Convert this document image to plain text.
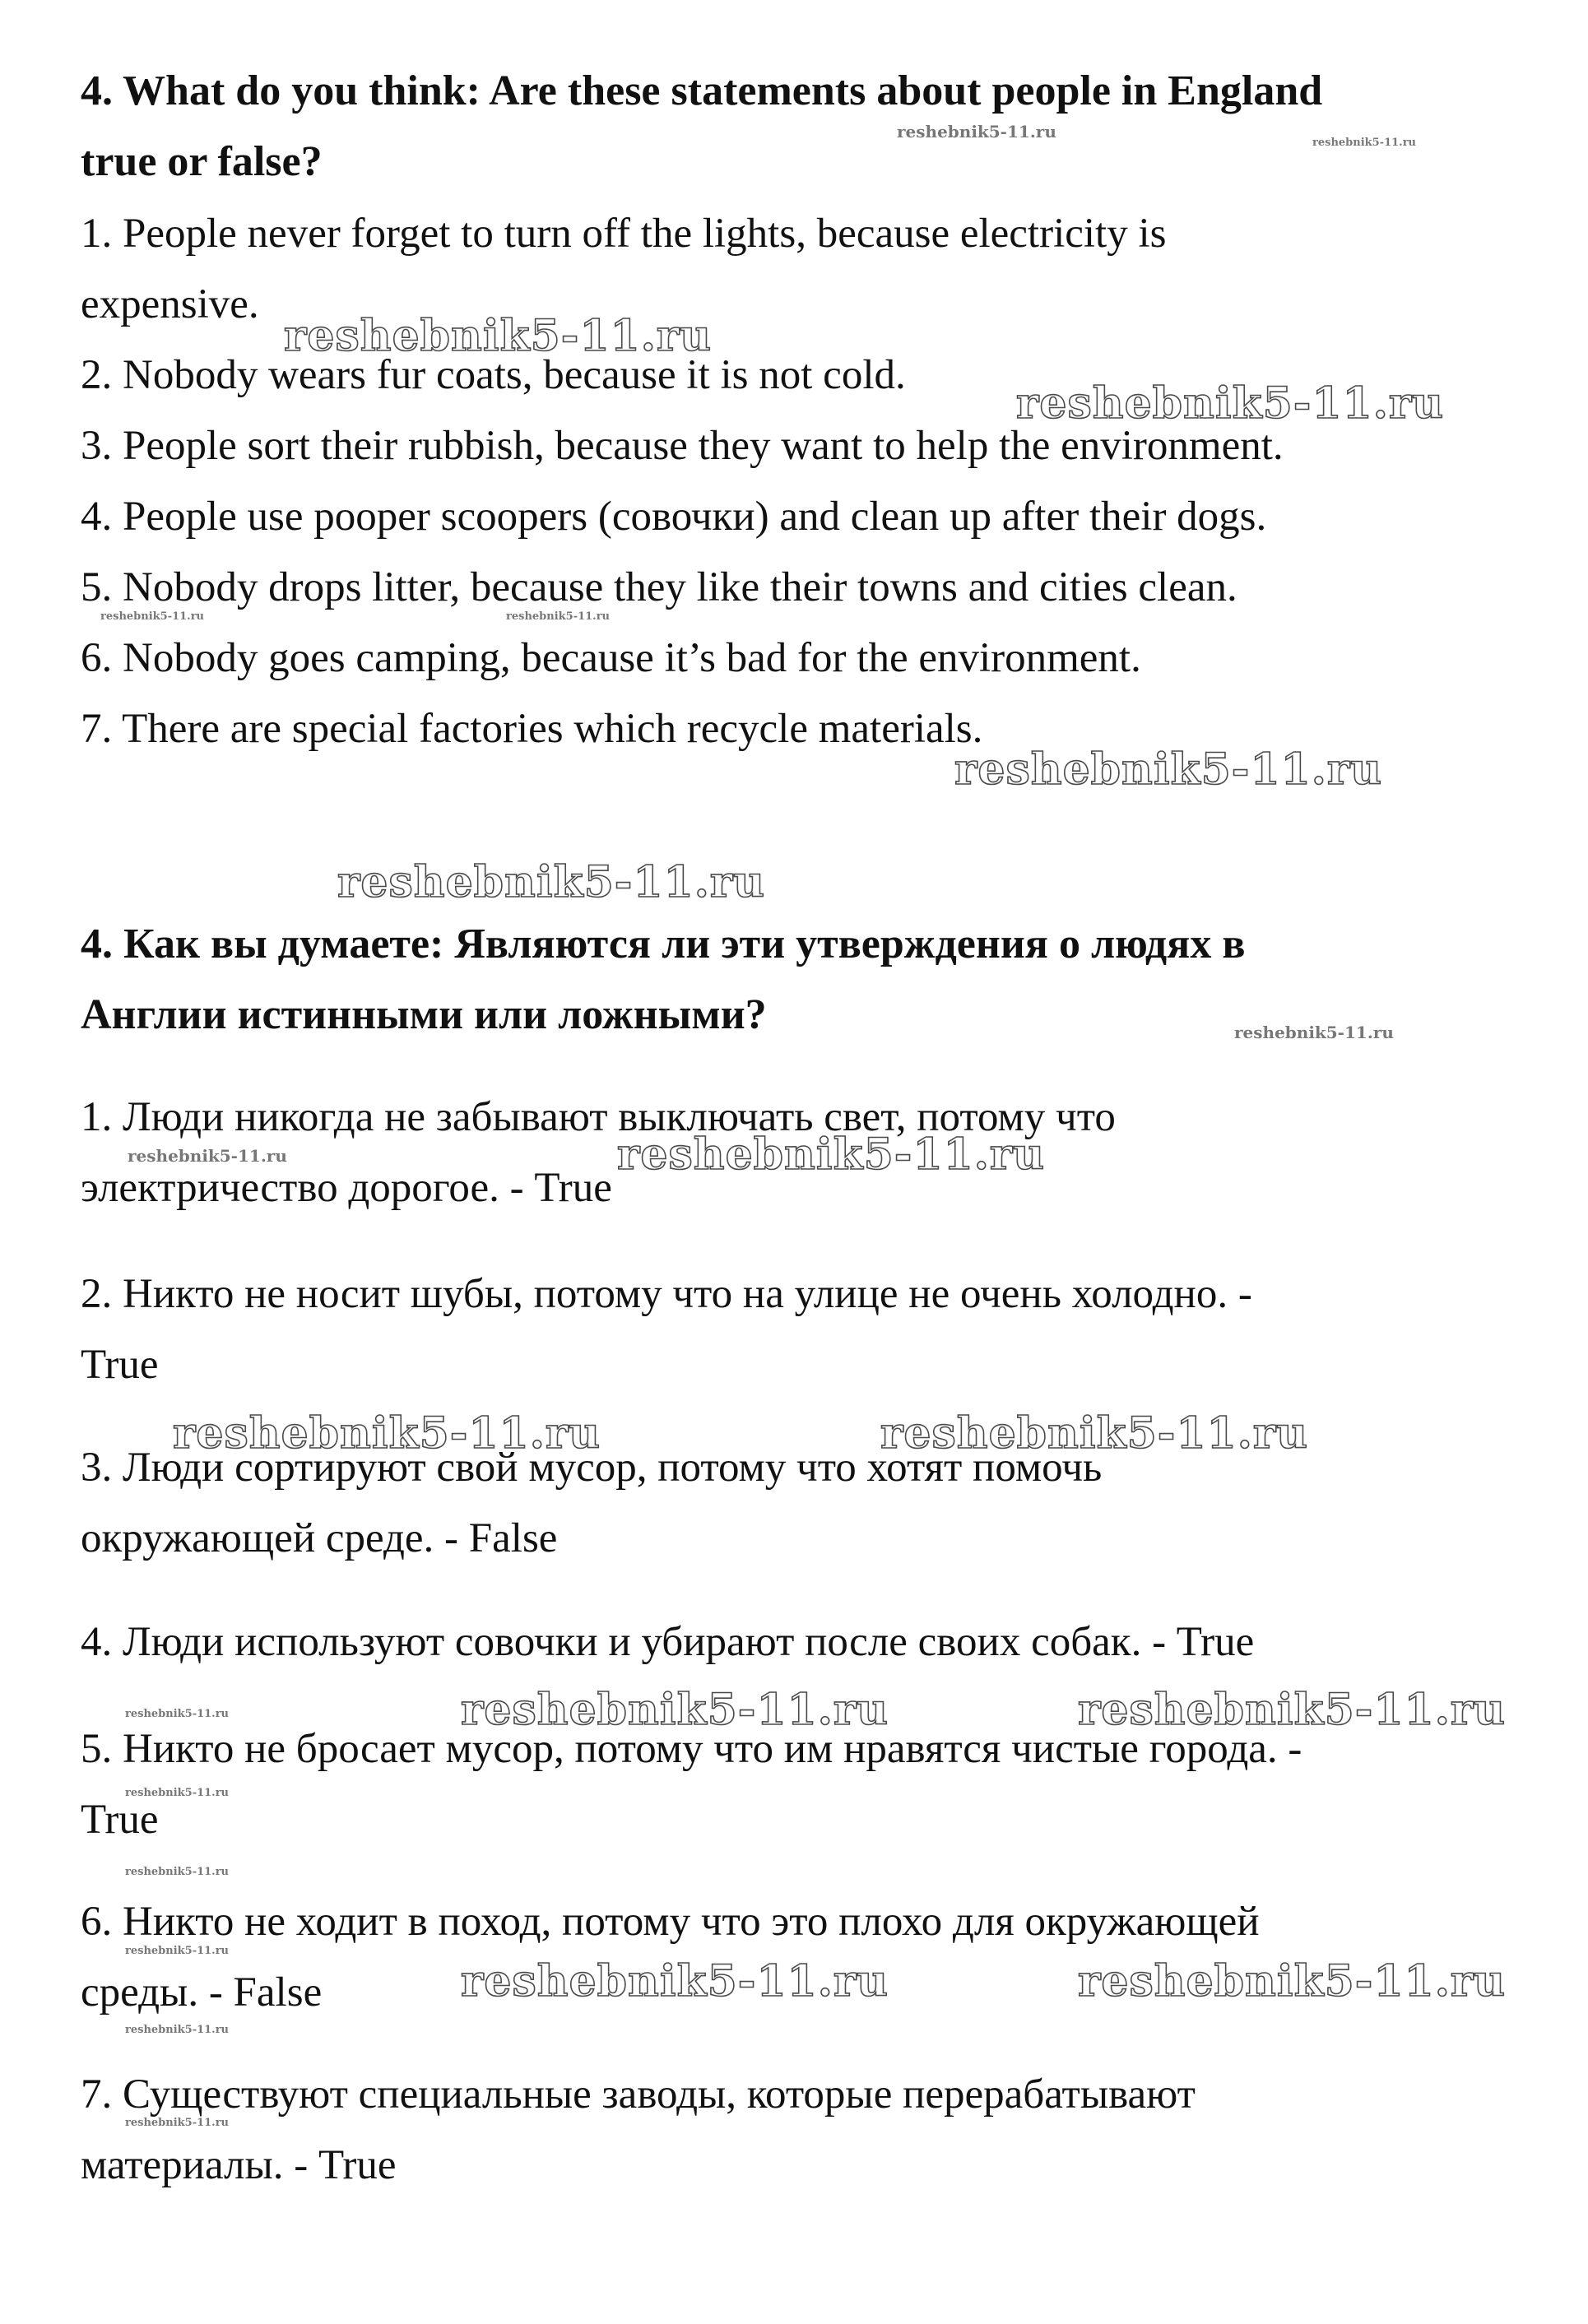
4. What do you think: Are these statements about people in England

true or false?

1. People never forget to turn off the lights, because electricity is

expensive.

2. Nobody wears fur coats, because it is not cold.

3. People sort their rubbish, because they want to help the environment.

4. People use pooper scoopers (совочки) and clean up after their dogs.

5. Nobody drops litter, because they like their towns and cities clean.

6. Nobody goes camping, because it’s bad for the environment.

7. There are special factories which recycle materials.

4. Как вы думаете: Являются ли эти утверждения о людях в

Англии истинными или ложными?

1. Люди никогда не забывают выключать свет, потому что

электричество дорогое. - True

2. Никто не носит шубы, потому что на улице не очень холодно. -

True

3. Люди сортируют свой мусор, потому что хотят помочь

окружающей среде. - False

4. Люди используют совочки и убирают после своих собак. - True

5. Никто не бросает мусор, потому что им нравятся чистые города. -

True

6. Никто не ходит в поход, потому что это плохо для окружающей

среды. - False

7. Существуют специальные заводы, которые перерабатывают

материалы. - True

reshebnik5-11.ru
reshebnik5-11.ru
reshebnik5-11.ru
reshebnik5-11.ru
reshebnik5-11.ru	reshebnik5-11.ru
reshebnik5-11.ru
reshebnik5-11.ru
reshebnik5-11.ru
reshebnik5-11.ru	reshebnik5-11.ru
reshebnik5-11.ru	reshebnik5-11.ru
reshebnik5-11.ru	reshebnik5-11.ru	reshebnik5-11.ru
reshebnik5-11.ru
reshebnik5-11.ru
reshebnik5-11.ru
reshebnik5-11.ru	reshebnik5-11.ru
reshebnik5-11.ru
reshebnik5-11.ru
